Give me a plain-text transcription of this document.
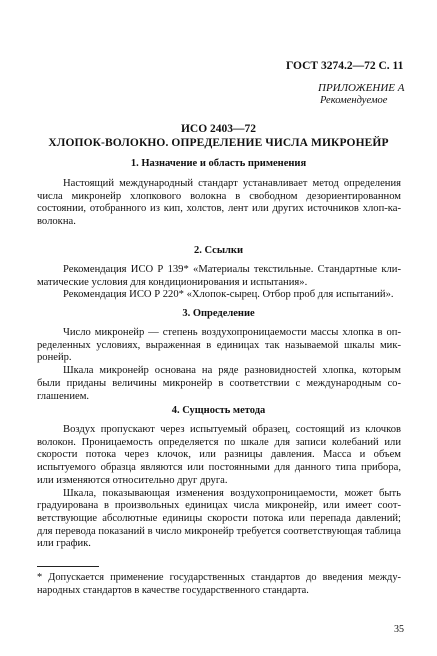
ГОСТ 3274.2—72 С. 11
ПРИЛОЖЕНИЕ А
Рекомендуемое
ИСО 2403—72
ХЛОПОК-ВОЛОКНО. ОПРЕДЕЛЕНИЕ ЧИСЛА МИКРОНЕЙР
1. Назначение и область применения

Настоящий международный стандарт устанавливает метод определения числа микронейр хлопкового волокна в свободном дезориентированном состоянии, отобранного из кип, холстов, лент или других источников хлоп-ка-волокна.

2. Ссылки

Рекомендация ИСО Р 139* «Материалы текстильные. Стандартные кли-матические условия для кондиционирования и испытания».

Рекомендация ИСО Р 220* «Хлопок-сырец. Отбор проб для испытаний».

3. Определение

Число микронейр — степень воздухопроницаемости массы хлопка в оп-ределенных условиях, выраженная в единицах так называемой шкалы мик-ронейр.

Шкала микронейр основана на ряде разновидностей хлопка, которым были приданы величины микронейр в соответствии с международным со-глашением.

4. Сущность метода

Воздух пропускают через испытуемый образец, состоящий из клочков волокон. Проницаемость определяется по шкале для записи колебаний или скорости потока через клочок, или разницы давления. Масса и объем испытуемого образца являются или постоянными для данного типа прибора, или изменяются относительно друг друга.

Шкала, показывающая изменения воздухопроницаемости, может быть градуирована в произвольных единицах числа микронейр, или имеет соот-ветствующие абсолютные единицы скорости потока или перепада давлений; для перевода показаний в число микронейр требуется соответствующая таблица или график.

* Допускается применение государственных стандартов до введения между-народных стандартов в качестве государственного стандарта.
35
